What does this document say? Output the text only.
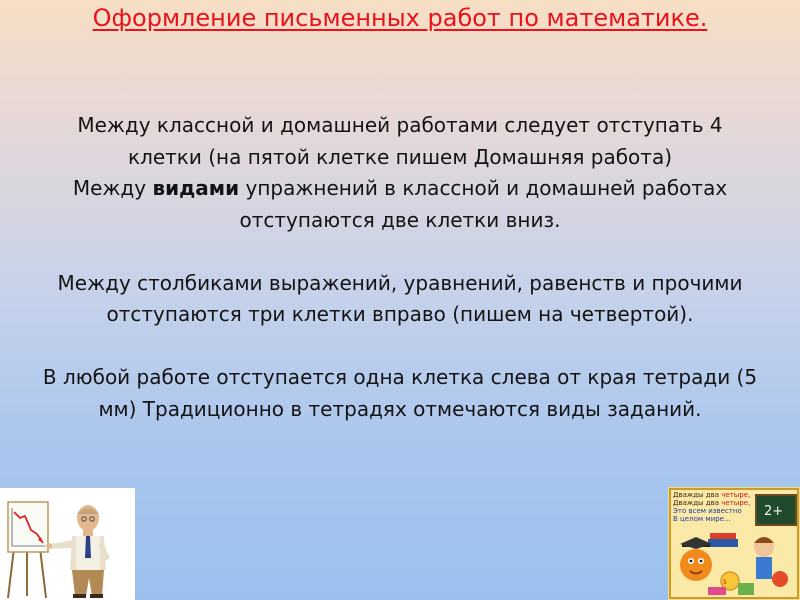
Оформление письменных работ по математике.

Между классной и домашней работами следует отступать 4 клетки (на пятой клетке пишем Домашняя работа)

Между видами упражнений в классной и домашней работах отступаются две клетки вниз.

Между столбиками выражений, уравнений, равенств и прочими отступаются три клетки вправо (пишем на четвертой).

В любой работе отступается одна клетка слева от края тетради (5 мм) Традиционно в тетрадях отмечаются виды заданий.

2+
5
Дважды два четыре,
Дважды два четыре,
Это всем известно
В целом мире...
